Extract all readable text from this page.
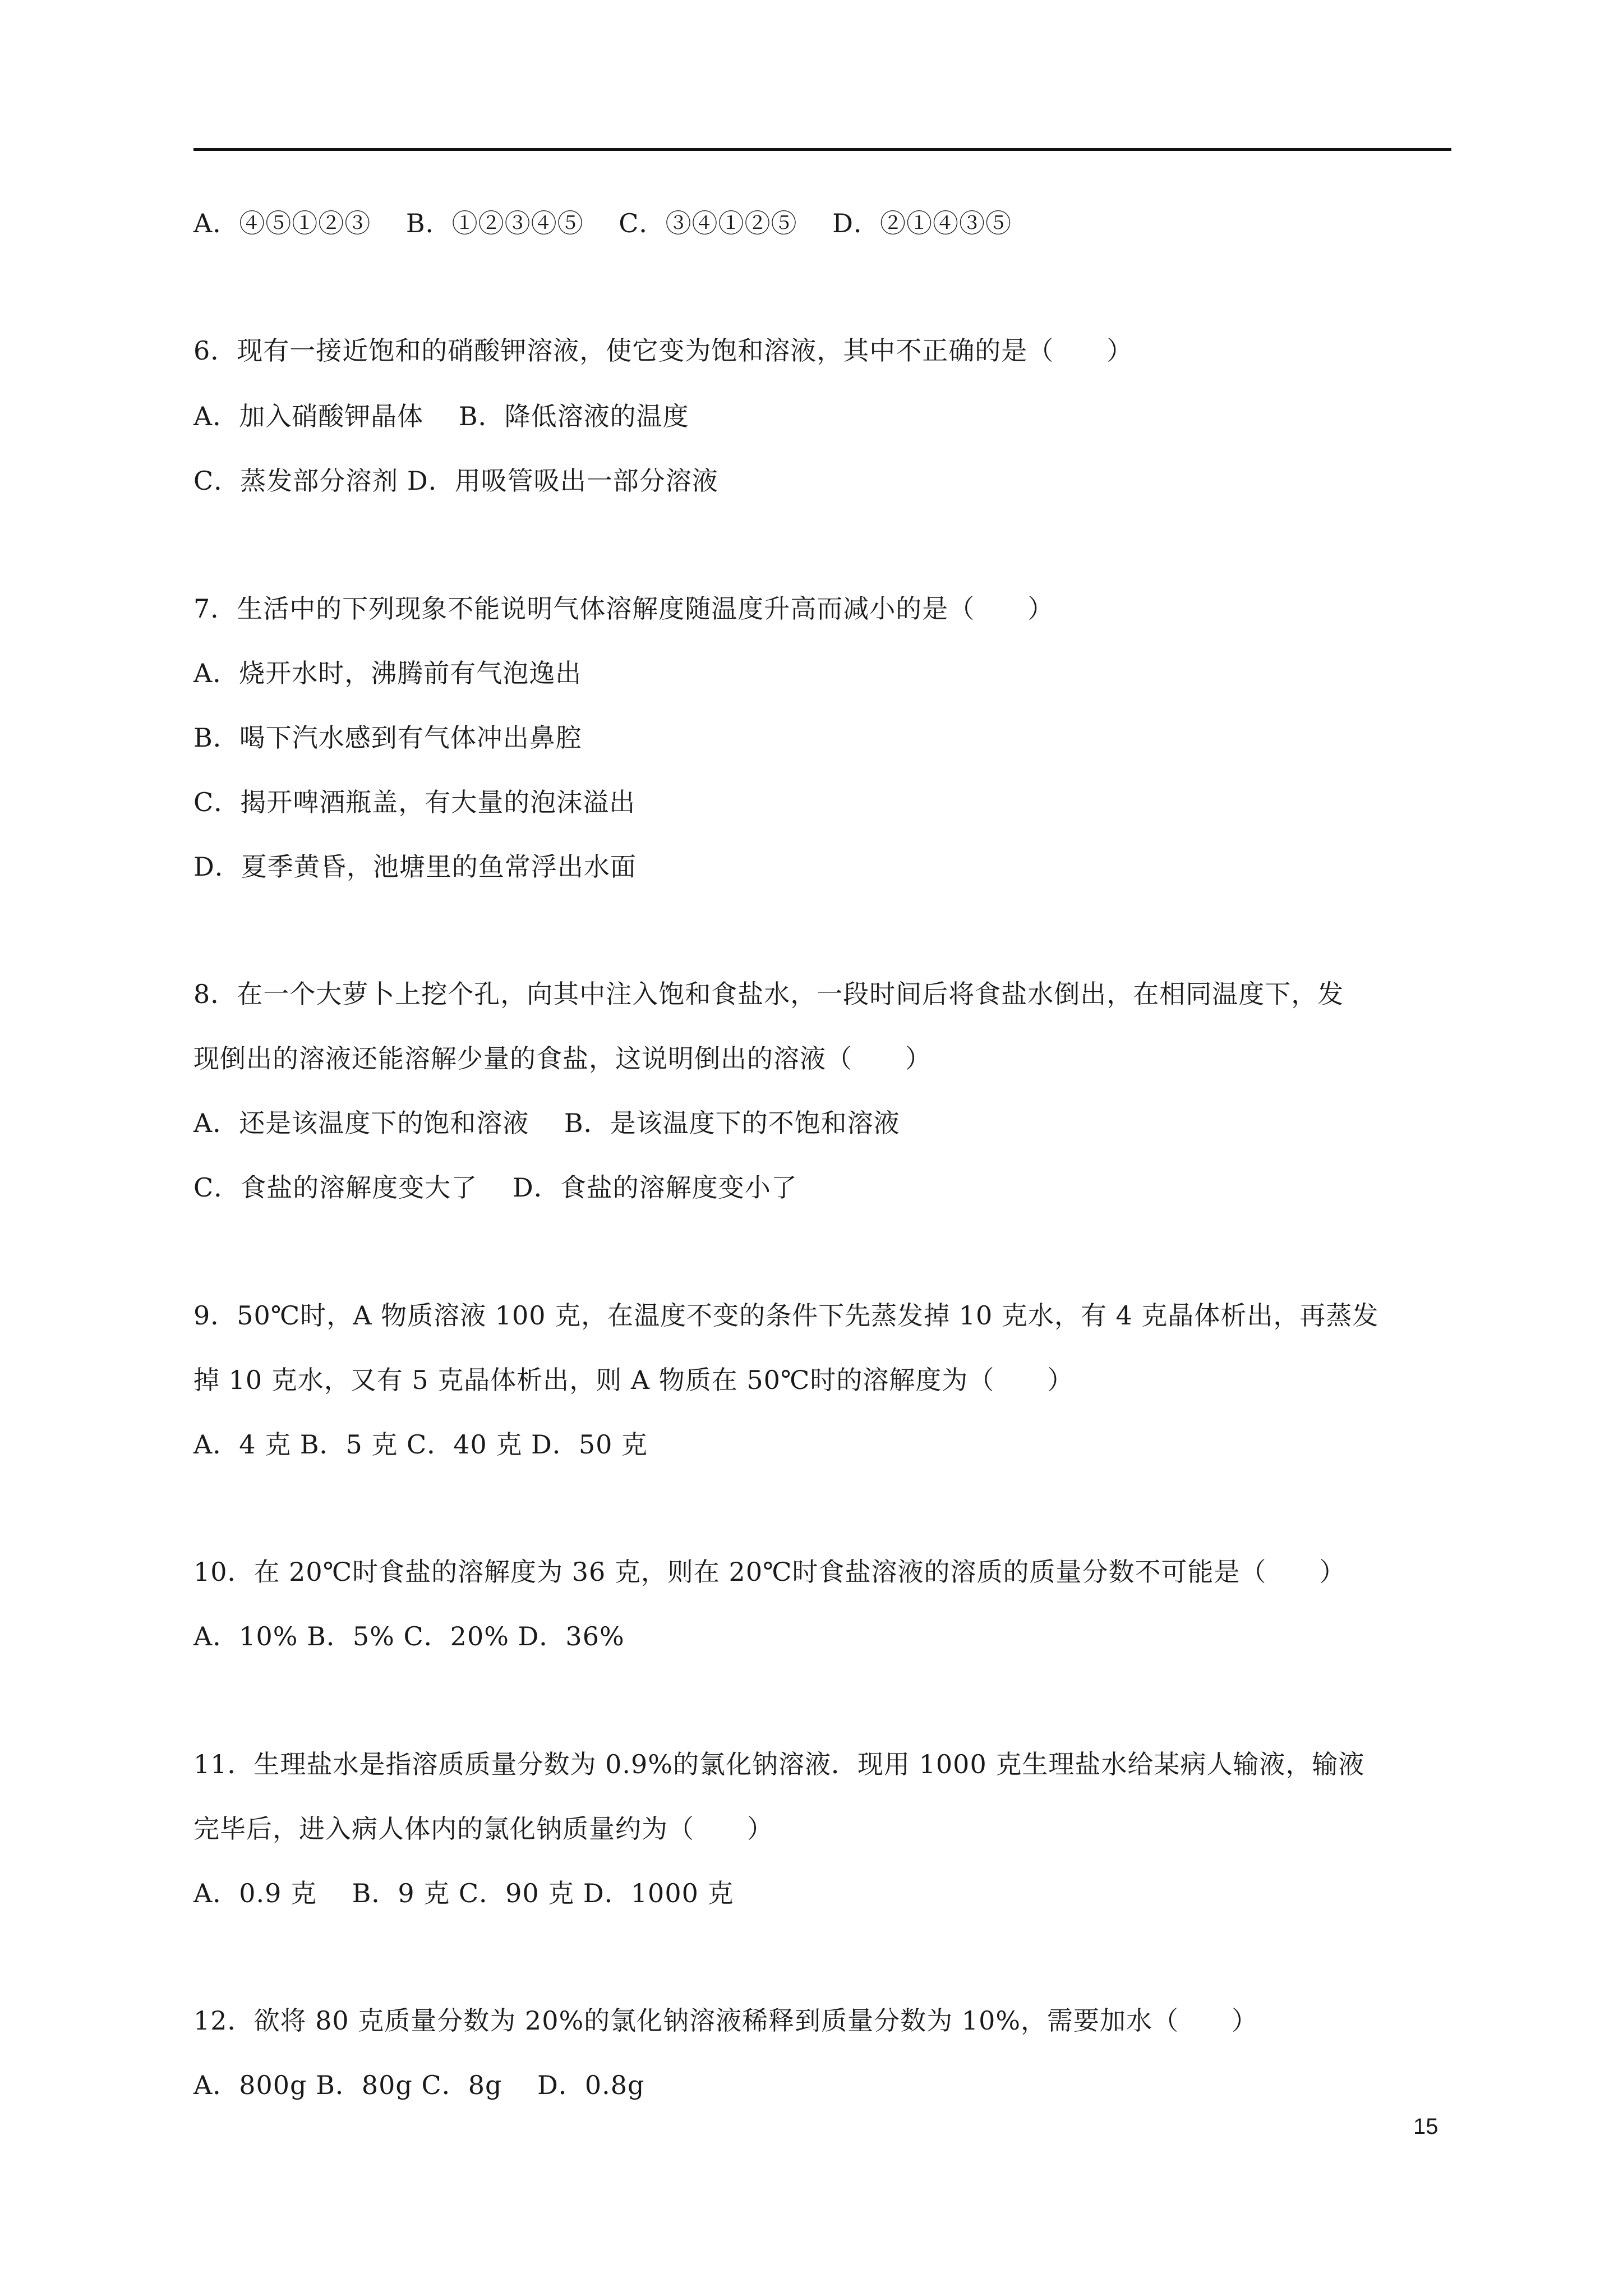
A．④⑤①②③　 B．①②③④⑤　 C．③④①②⑤　 D．②①④③⑤
6．现有一接近饱和的硝酸钾溶液，使它变为饱和溶液，其中不正确的是（　　）
A．加入硝酸钾晶体　 B．降低溶液的温度
C．蒸发部分溶剂 D．用吸管吸出一部分溶液
7．生活中的下列现象不能说明气体溶解度随温度升高而减小的是（　　）
A．烧开水时，沸腾前有气泡逸出
B．喝下汽水感到有气体冲出鼻腔
C．揭开啤酒瓶盖，有大量的泡沫溢出
D．夏季黄昏，池塘里的鱼常浮出水面
8．在一个大萝卜上挖个孔，向其中注入饱和食盐水，一段时间后将食盐水倒出，在相同温度下，发
现倒出的溶液还能溶解少量的食盐，这说明倒出的溶液（　　）
A．还是该温度下的饱和溶液　 B．是该温度下的不饱和溶液
C．食盐的溶解度变大了　 D．食盐的溶解度变小了
9．50℃时，A 物质溶液 100 克，在温度不变的条件下先蒸发掉 10 克水，有 4 克晶体析出，再蒸发
掉 10 克水，又有 5 克晶体析出，则 A 物质在 50℃时的溶解度为（　　）
A．4 克 B．5 克 C．40 克 D．50 克
10．在 20℃时食盐的溶解度为 36 克，则在 20℃时食盐溶液的溶质的质量分数不可能是（　　）
A．10% B．5% C．20% D．36%
11．生理盐水是指溶质质量分数为 0.9%的氯化钠溶液．现用 1000 克生理盐水给某病人输液，输液
完毕后，进入病人体内的氯化钠质量约为（　　）
A．0.9 克　 B．9 克 C．90 克 D．1000 克
12．欲将 80 克质量分数为 20%的氯化钠溶液稀释到质量分数为 10%，需要加水（　　）
A．800g B．80g C．8g　 D．0.8g
15
